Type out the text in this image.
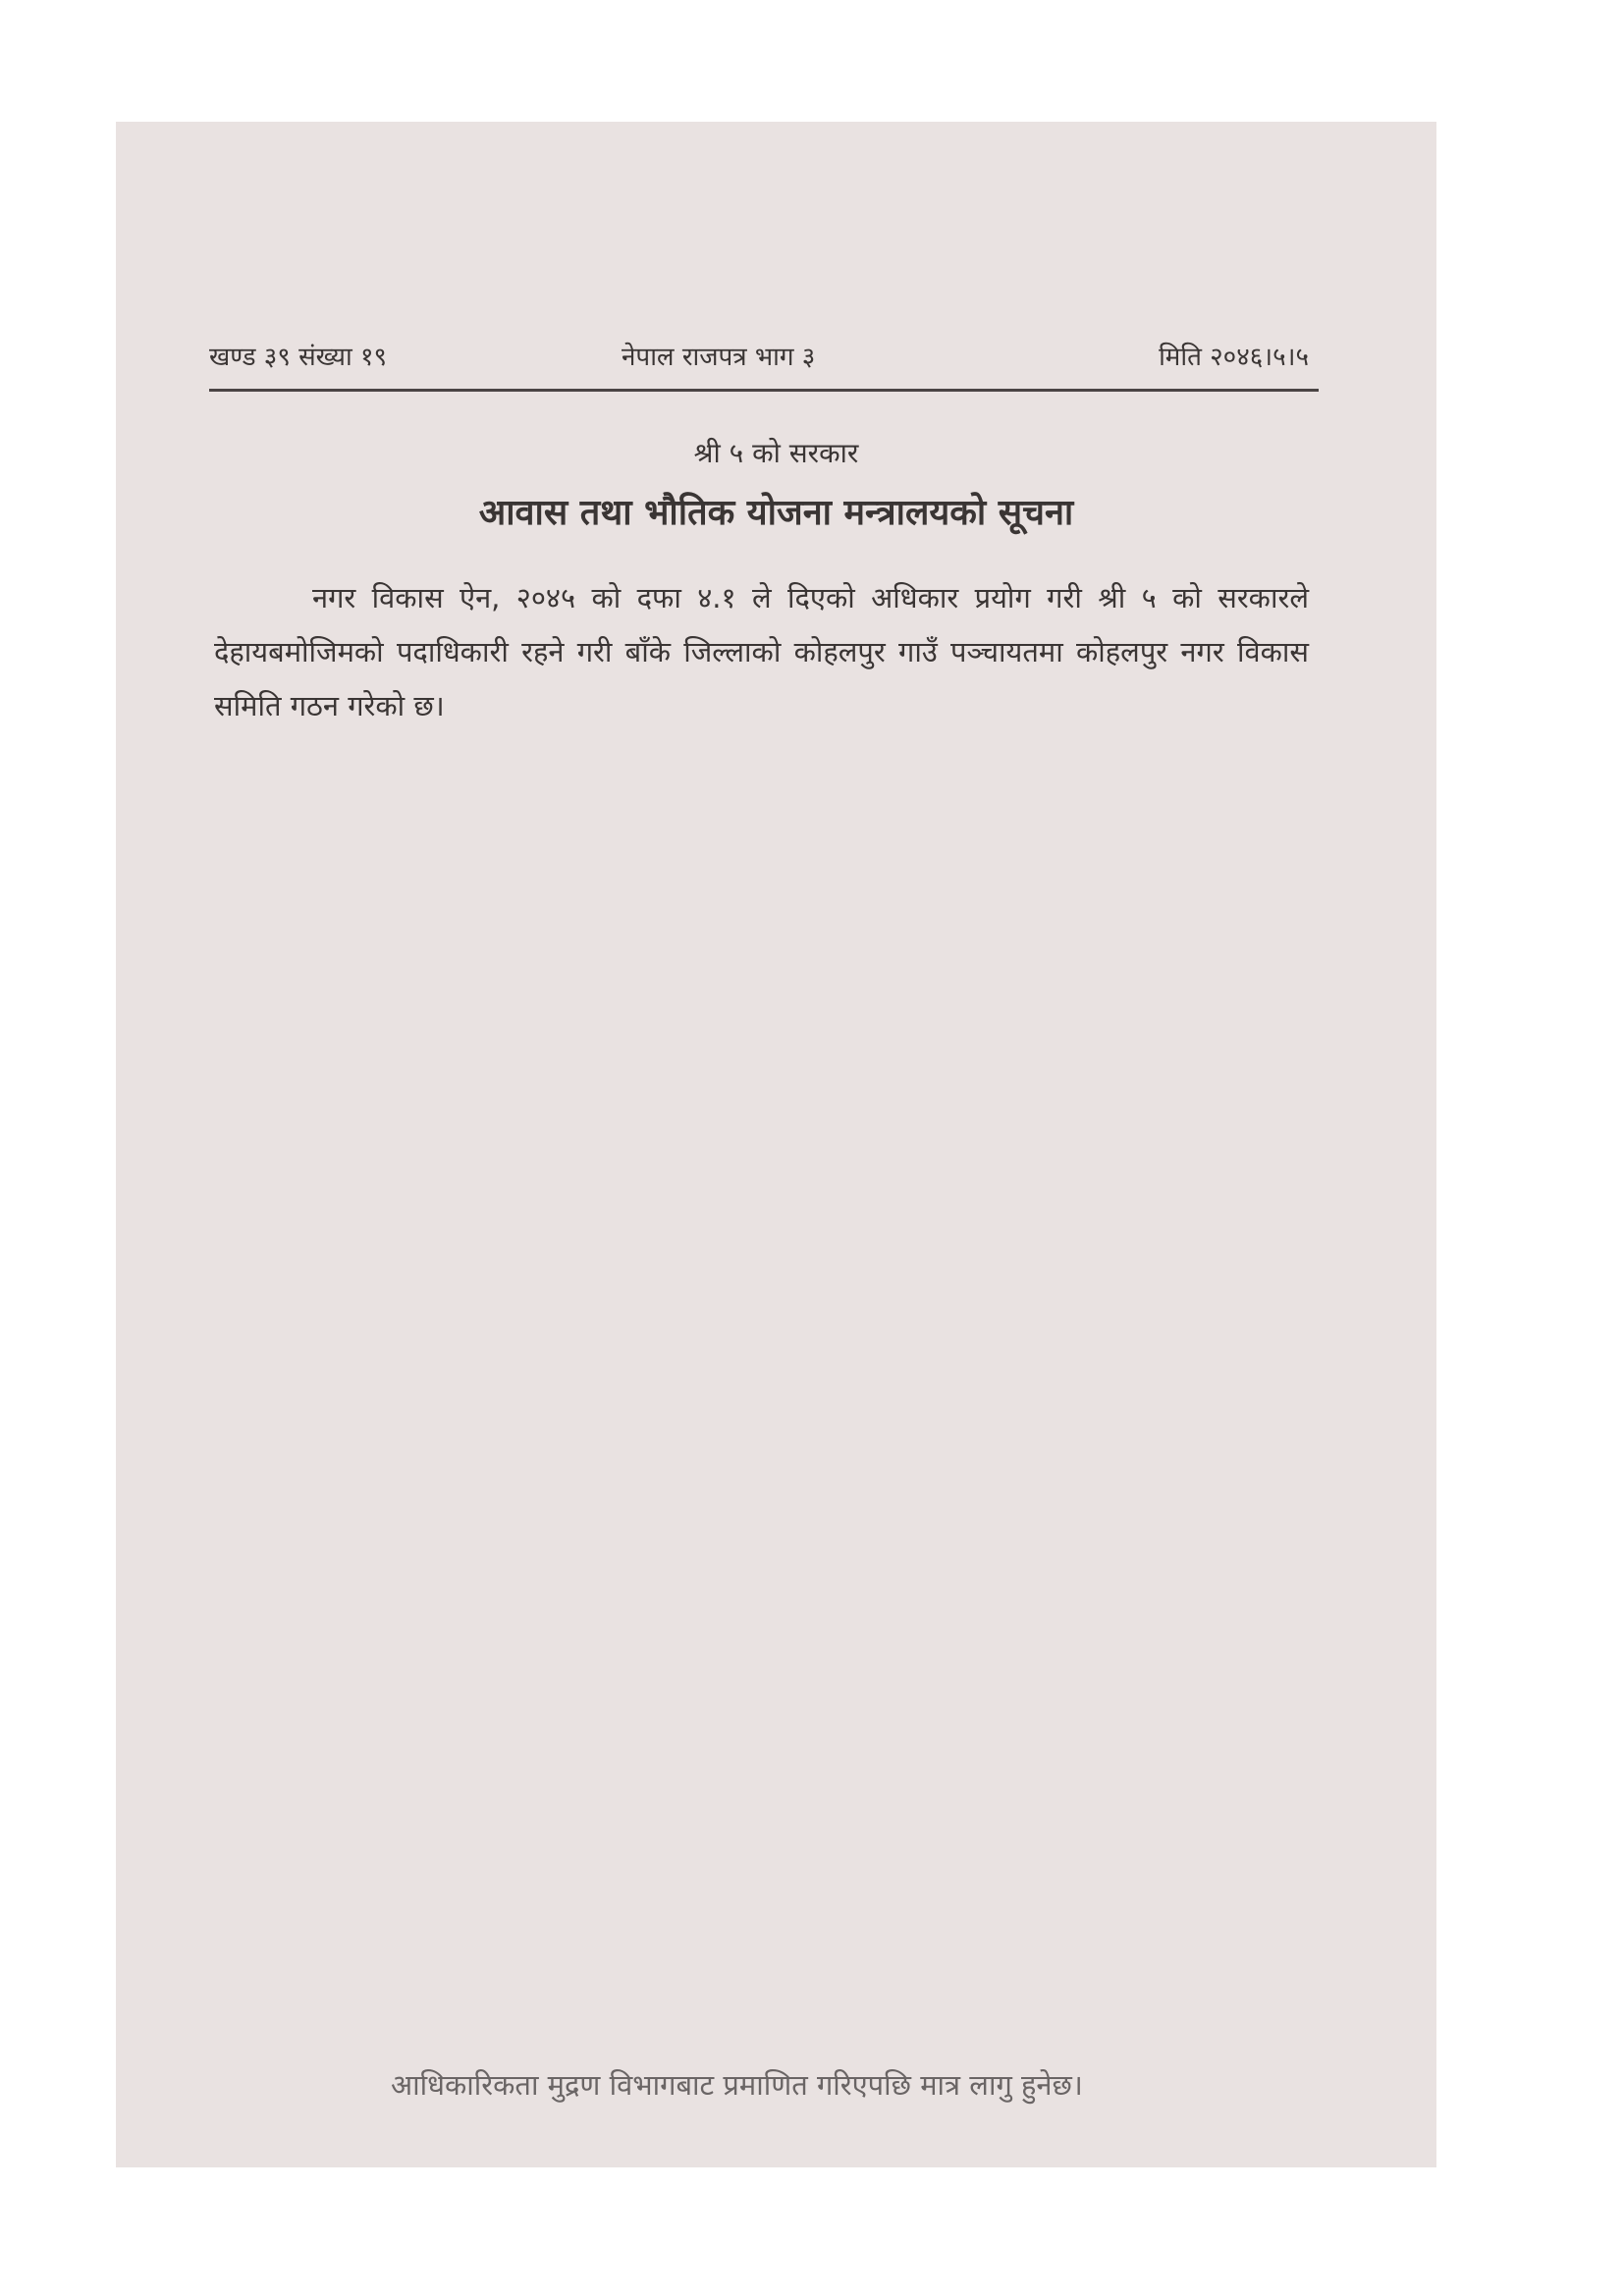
खण्ड ३९ संख्या १९	नेपाल राजपत्र भाग ३	मिति २०४६।५।५
श्री ५ को सरकार
आवास तथा भौतिक योजना मन्त्रालयको सूचना
नगर विकास ऐन, २०४५ को दफा ४.१ ले दिएको अधिकार प्रयोग गरी श्री ५ को सरकारले देहायबमोजिमको पदाधिकारी रहने गरी बाँके जिल्लाको कोहलपुर गाउँ पञ्चायतमा कोहलपुर नगर विकास समिति गठन गरेको छ।
आधिकारिकता मुद्रण विभागबाट प्रमाणित गरिएपछि मात्र लागु हुनेछ।
